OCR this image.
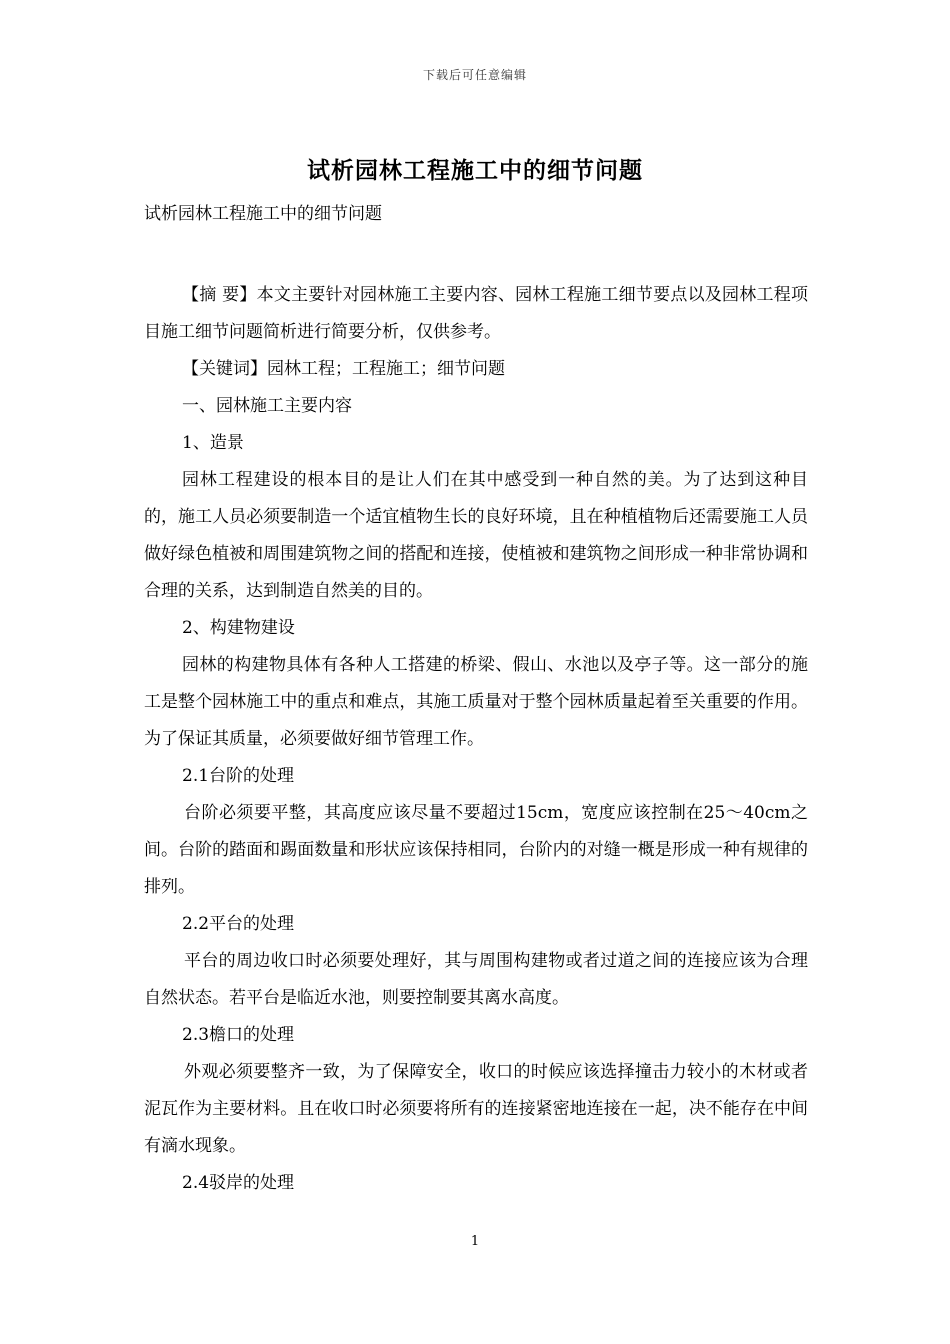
下载后可任意编辑
试析园林工程施工中的细节问题

试析园林工程施工中的细节问题

【摘 要】本文主要针对园林施工主要内容、园林工程施工细节要点以及园林工程项目施工细节问题简析进行简要分析，仅供参考。

【关键词】园林工程；工程施工；细节问题

一、园林施工主要内容

1、造景

园林工程建设的根本目的是让人们在其中感受到一种自然的美。为了达到这种目的，施工人员必须要制造一个适宜植物生长的良好环境，且在种植植物后还需要施工人员做好绿色植被和周围建筑物之间的搭配和连接，使植被和建筑物之间形成一种非常协调和合理的关系，达到制造自然美的目的。

2、构建物建设

园林的构建物具体有各种人工搭建的桥梁、假山、水池以及亭子等。这一部分的施工是整个园林施工中的重点和难点，其施工质量对于整个园林质量起着至关重要的作用。为了保证其质量，必须要做好细节管理工作。

2.1台阶的处理

台阶必须要平整，其高度应该尽量不要超过15cm，宽度应该控制在25～40cm之间。台阶的踏面和踢面数量和形状应该保持相同，台阶内的对缝一概是形成一种有规律的排列。

2.2平台的处理

平台的周边收口时必须要处理好，其与周围构建物或者过道之间的连接应该为合理自然状态。若平台是临近水池，则要控制要其离水高度。

2.3檐口的处理

外观必须要整齐一致，为了保障安全，收口的时候应该选择撞击力较小的木材或者泥瓦作为主要材料。且在收口时必须要将所有的连接紧密地连接在一起，决不能存在中间有滴水现象。

2.4驳岸的处理

1
